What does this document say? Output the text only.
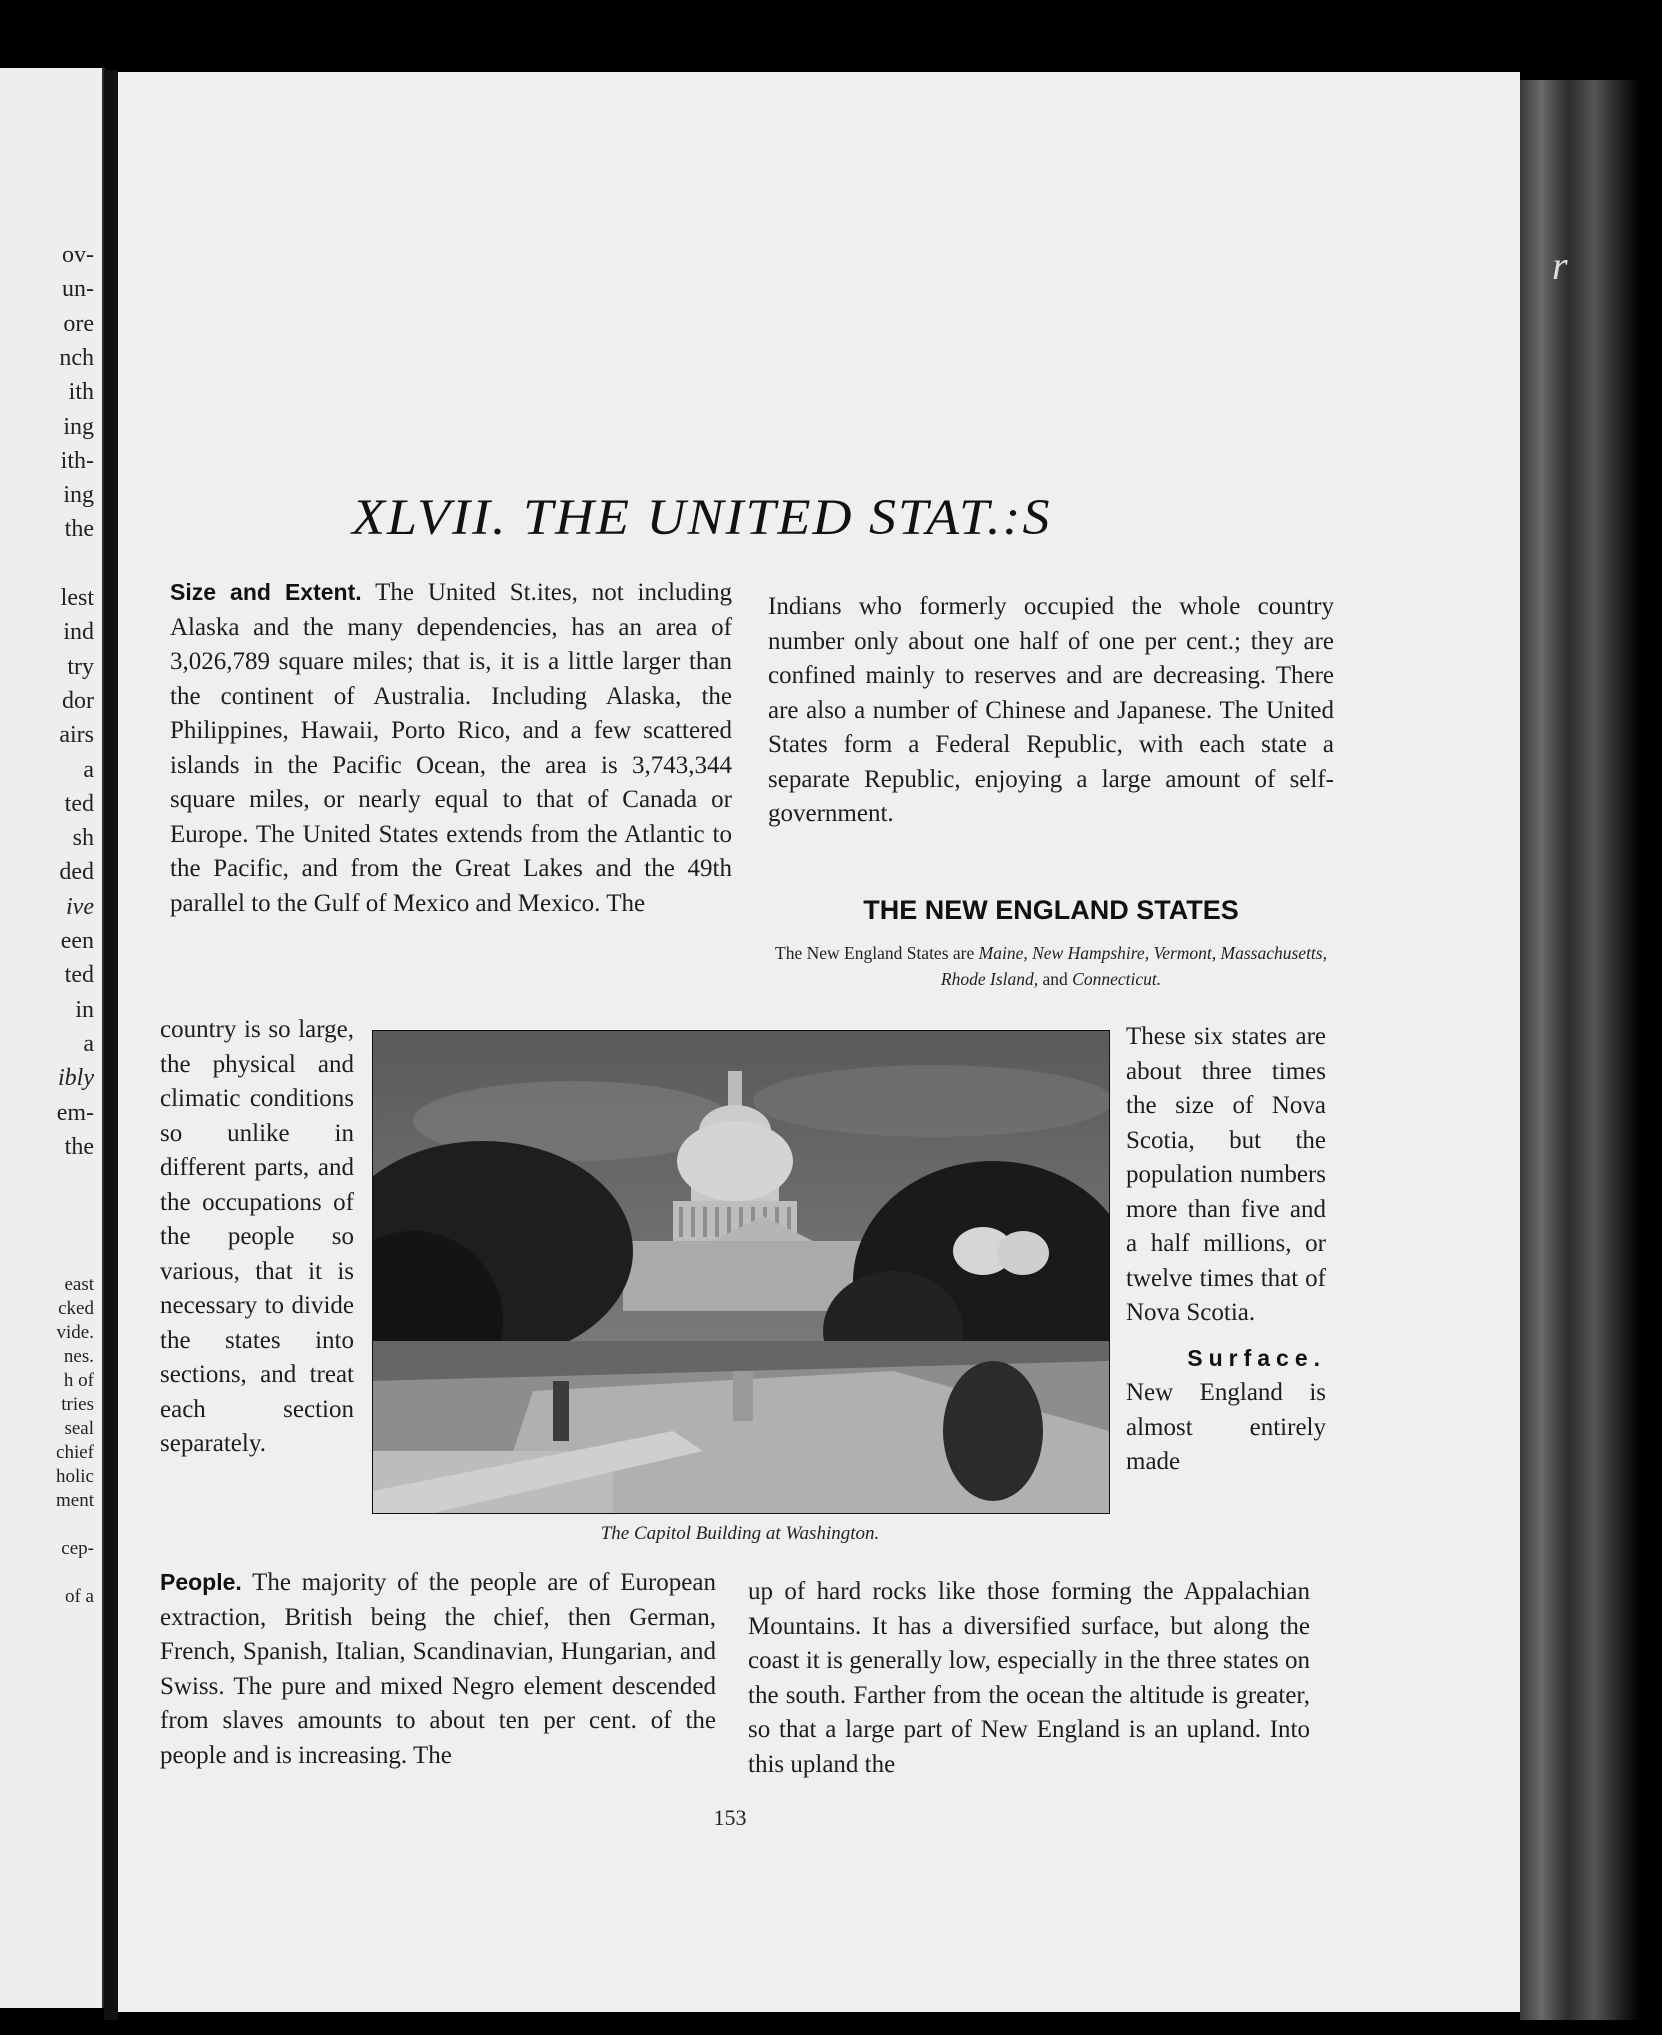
ov-
un-
ore
nch
ith
ing
ith-
ing
the
lest
ind
try
dor
airs
a
ted
sh
ded
ive
een
ted
in
a
ibly
em-
the
east
cked
vide.
nes.
h of
tries
seal
chief
holic
ment
cep-
of a
r
XLVII. THE UNITED STAT.:S
Size and Extent. The United St.ites, not including Alaska and the many dependencies, has an area of 3,026,789 square miles; that is, it is a little larger than the continent of Australia. Including Alaska, the Philippines, Hawaii, Porto Rico, and a few scattered islands in the Pacific Ocean, the area is 3,743,344 square miles, or nearly equal to that of Canada or Europe. The United States extends from the Atlantic to the Pacific, and from the Great Lakes and the 49th parallel to the Gulf of Mexico and Mexico. The
Indians who formerly occupied the whole country number only about one half of one per cent.; they are confined mainly to reserves and are decreasing. There are also a number of Chinese and Japanese. The United States form a Federal Republic, with each state a separate Republic, enjoying a large amount of self-government.
THE NEW ENGLAND STATES
The New England States are Maine, New Hampshire, Vermont, Massachusetts, Rhode Island, and Connecticut.
country is so large, the physical and climatic conditions so unlike in different parts, and the occupations of the people so various, that it is necessary to divide the states into sections, and treat each section separately.
The Capitol Building at Washington.
These six states are about three times the size of Nova Scotia, but the population numbers more than five and a half millions, or twelve times that of Nova Scotia.
Surface.
New England is almost entirely made
People. The majority of the people are of European extraction, British being the chief, then German, French, Spanish, Italian, Scandinavian, Hungarian, and Swiss. The pure and mixed Negro element descended from slaves amounts to about ten per cent. of the people and is increasing. The
up of hard rocks like those forming the Appalachian Mountains. It has a diversified surface, but along the coast it is generally low, especially in the three states on the south. Farther from the ocean the altitude is greater, so that a large part of New England is an upland. Into this upland the
153
